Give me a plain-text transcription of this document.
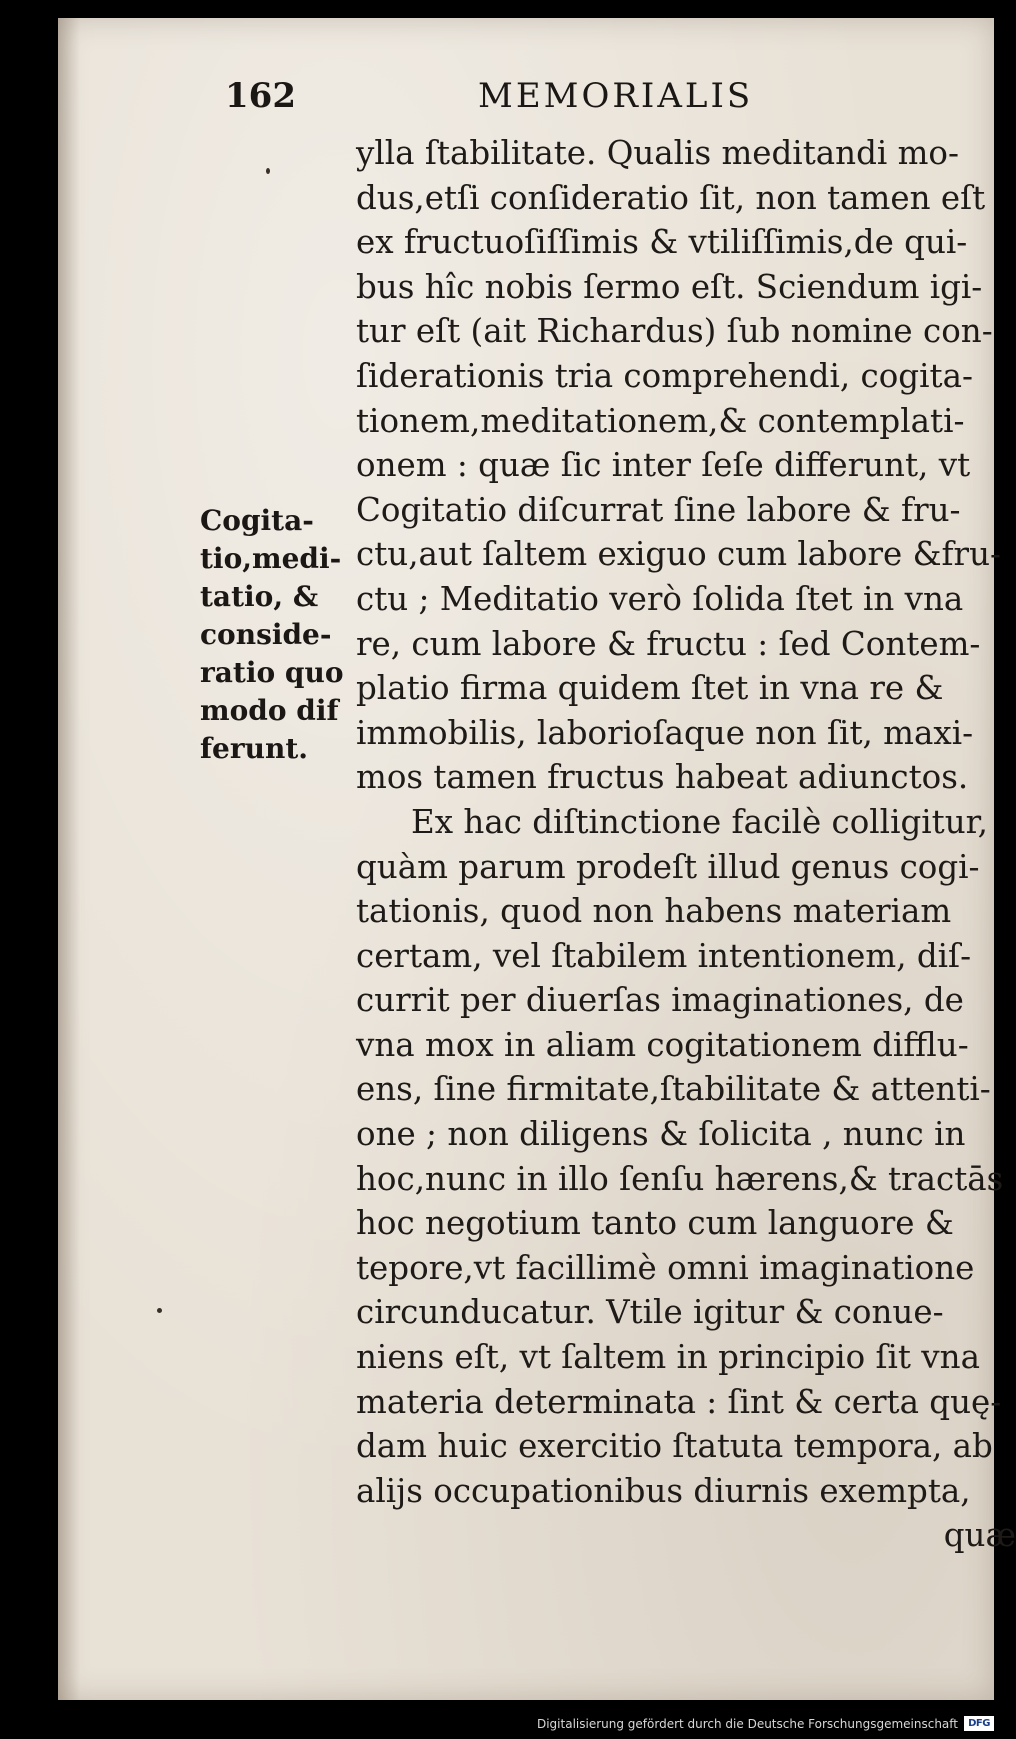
162	MEMORIALIS
Cogita-
tio,medi-
tatio, &
conside-
ratio quo
modo dif
ferunt.
ylla ſtabilitate. Qualis meditandi mo-
dus,etſi conſideratio ſit, non tamen eſt
ex fructuoſiſſimis & vtiliſſimis,de qui-
bus hîc nobis ſermo eſt. Sciendum igi-
tur eſt (ait Richardus) ſub nomine con-
ſiderationis tria comprehendi, cogita-
tionem,meditationem,& contemplati-
onem : quæ ſic inter ſeſe differunt, vt
Cogitatio diſcurrat ſine labore & fru-
ctu,aut ſaltem exiguo cum labore &fru-
ctu ; Meditatio verò ſolida ſtet in vna
re, cum labore & fructu : ſed Contem-
platio firma quidem ſtet in vna re &
immobilis, laborioſaque non ſit, maxi-
mos tamen fructus habeat adiunctos.
Ex hac diſtinctione facilè colligitur,
quàm parum prodeſt illud genus cogi-
tationis, quod non habens materiam
certam, vel ſtabilem intentionem, diſ-
currit per diuerſas imaginationes, de
vna mox in aliam cogitationem difflu-
ens, ſine firmitate,ſtabilitate & attenti-
one ; non diligens & ſolicita , nunc in
hoc,nunc in illo ſenſu hærens,& tractās
hoc negotium tanto cum languore &
tepore,vt facillimè omni imaginatione
circunducatur. Vtile igitur & conue-
niens eſt, vt ſaltem in principio ſit vna
materia determinata : ſint & certa quę-
dam huic exercitio ſtatuta tempora, ab
alijs occupationibus diurnis exempta,
quæ
Digitalisierung gefördert durch die Deutsche Forschungsgemeinschaft	DFG
